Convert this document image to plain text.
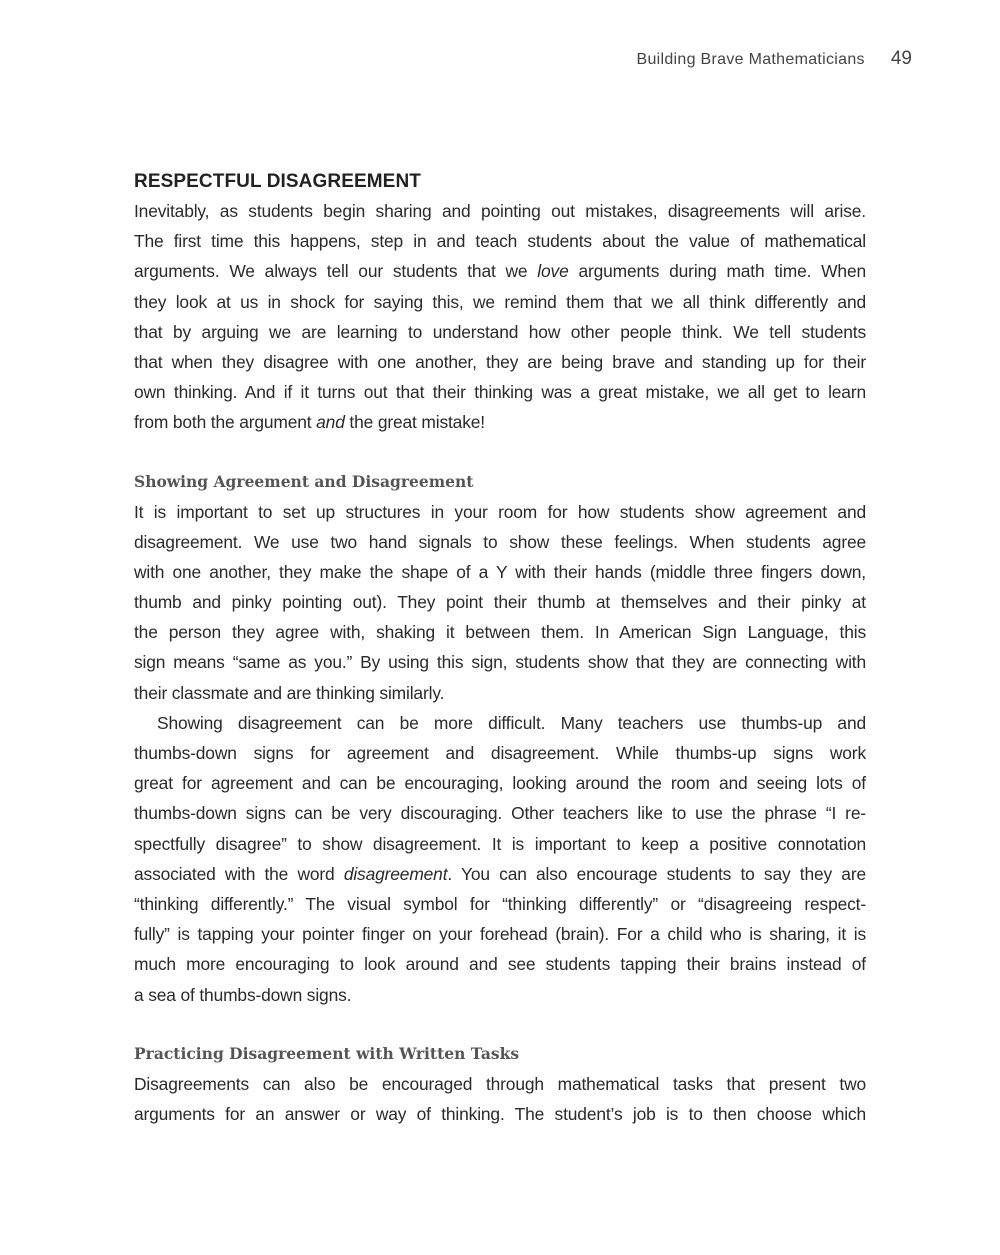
Building Brave Mathematicians 49
RESPECTFUL DISAGREEMENT
Inevitably, as students begin sharing and pointing out mistakes, disagreements will arise.
The first time this happens, step in and teach students about the value of mathematical
arguments. We always tell our students that we love arguments during math time. When
they look at us in shock for saying this, we remind them that we all think differently and
that by arguing we are learning to understand how other people think. We tell students
that when they disagree with one another, they are being brave and standing up for their
own thinking. And if it turns out that their thinking was a great mistake, we all get to learn
from both the argument and the great mistake!
Showing Agreement and Disagreement
It is important to set up structures in your room for how students show agreement and
disagreement. We use two hand signals to show these feelings. When students agree
with one another, they make the shape of a Y with their hands (middle three fingers down,
thumb and pinky pointing out). They point their thumb at themselves and their pinky at
the person they agree with, shaking it between them. In American Sign Language, this
sign means “same as you.” By using this sign, students show that they are connecting with
their classmate and are thinking similarly.
Showing disagreement can be more difficult. Many teachers use thumbs-up and
thumbs-down signs for agreement and disagreement. While thumbs-up signs work
great for agreement and can be encouraging, looking around the room and seeing lots of
thumbs-down signs can be very discouraging. Other teachers like to use the phrase “I re-
spectfully disagree” to show disagreement. It is important to keep a positive connotation
associated with the word disagreement. You can also encourage students to say they are
“thinking differently.” The visual symbol for “thinking differently” or “disagreeing respect-
fully” is tapping your pointer finger on your forehead (brain). For a child who is sharing, it is
much more encouraging to look around and see students tapping their brains instead of
a sea of thumbs-down signs.
Practicing Disagreement with Written Tasks
Disagreements can also be encouraged through mathematical tasks that present two
arguments for an answer or way of thinking. The student’s job is to then choose which
